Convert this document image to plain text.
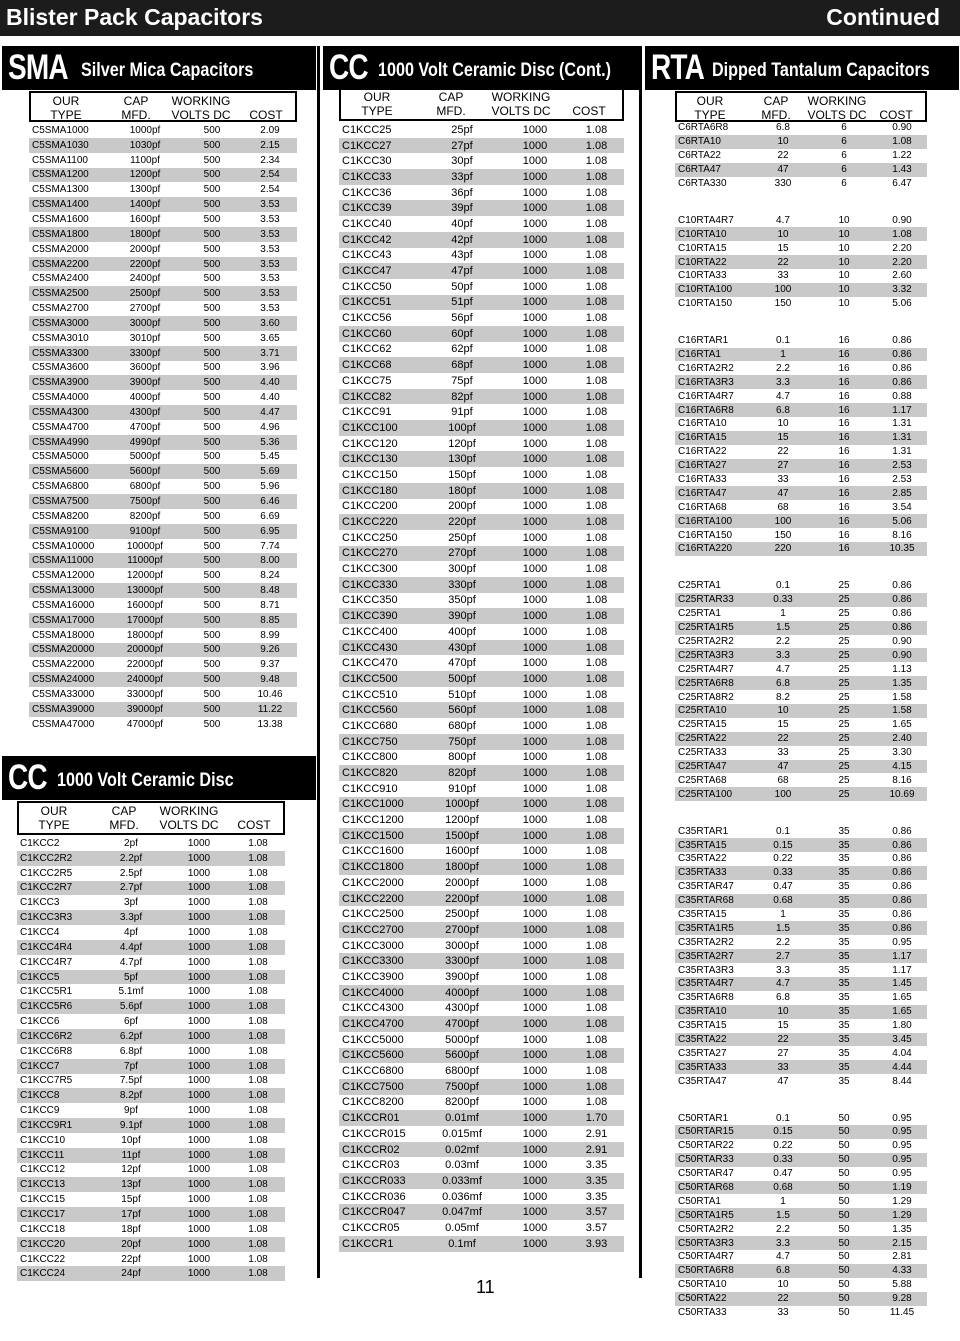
Blister Pack Capacitors	Continued
SMA Silver Mica Capacitors	CC 1000 Volt Ceramic Disc (Cont.)	RTA Dipped Tantalum Capacitors
CC 1000 Volt Ceramic Disc
OUR
TYPE
CAP
MFD.
WORKING
VOLTS DC	COST
OUR
TYPE
CAP
MFD.
WORKING
VOLTS DC	COST
OUR
TYPE
CAP
MFD.
WORKING
VOLTS DC	COST
OUR
TYPE
CAP
MFD.
WORKING
VOLTS DC	COST
C5SMA1000	1000pf	500	2.09
C5SMA1030	1030pf	500	2.15
C5SMA1100	1100pf	500	2.34
C5SMA1200	1200pf	500	2.54
C5SMA1300	1300pf	500	2.54
C5SMA1400	1400pf	500	3.53
C5SMA1600	1600pf	500	3.53
C5SMA1800	1800pf	500	3.53
C5SMA2000	2000pf	500	3.53
C5SMA2200	2200pf	500	3.53
C5SMA2400	2400pf	500	3.53
C5SMA2500	2500pf	500	3.53
C5SMA2700	2700pf	500	3.53
C5SMA3000	3000pf	500	3.60
C5SMA3010	3010pf	500	3.65
C5SMA3300	3300pf	500	3.71
C5SMA3600	3600pf	500	3.96
C5SMA3900	3900pf	500	4.40
C5SMA4000	4000pf	500	4.40
C5SMA4300	4300pf	500	4.47
C5SMA4700	4700pf	500	4.96
C5SMA4990	4990pf	500	5.36
C5SMA5000	5000pf	500	5.45
C5SMA5600	5600pf	500	5.69
C5SMA6800	6800pf	500	5.96
C5SMA7500	7500pf	500	6.46
C5SMA8200	8200pf	500	6.69
C5SMA9100	9100pf	500	6.95
C5SMA10000	10000pf	500	7.74
C5SMA11000	11000pf	500	8.00
C5SMA12000	12000pf	500	8.24
C5SMA13000	13000pf	500	8.48
C5SMA16000	16000pf	500	8.71
C5SMA17000	17000pf	500	8.85
C5SMA18000	18000pf	500	8.99
C5SMA20000	20000pf	500	9.26
C5SMA22000	22000pf	500	9.37
C5SMA24000	24000pf	500	9.48
C5SMA33000	33000pf	500	10.46
C5SMA39000	39000pf	500	11.22
C5SMA47000	47000pf	500	13.38
C1KCC2	2pf	1000	1.08
C1KCC2R2	2.2pf	1000	1.08
C1KCC2R5	2.5pf	1000	1.08
C1KCC2R7	2.7pf	1000	1.08
C1KCC3	3pf	1000	1.08
C1KCC3R3	3.3pf	1000	1.08
C1KCC4	4pf	1000	1.08
C1KCC4R4	4.4pf	1000	1.08
C1KCC4R7	4.7pf	1000	1.08
C1KCC5	5pf	1000	1.08
C1KCC5R1	5.1mf	1000	1.08
C1KCC5R6	5.6pf	1000	1.08
C1KCC6	6pf	1000	1.08
C1KCC6R2	6.2pf	1000	1.08
C1KCC6R8	6.8pf	1000	1.08
C1KCC7	7pf	1000	1.08
C1KCC7R5	7.5pf	1000	1.08
C1KCC8	8.2pf	1000	1.08
C1KCC9	9pf	1000	1.08
C1KCC9R1	9.1pf	1000	1.08
C1KCC10	10pf	1000	1.08
C1KCC11	11pf	1000	1.08
C1KCC12	12pf	1000	1.08
C1KCC13	13pf	1000	1.08
C1KCC15	15pf	1000	1.08
C1KCC17	17pf	1000	1.08
C1KCC18	18pf	1000	1.08
C1KCC20	20pf	1000	1.08
C1KCC22	22pf	1000	1.08
C1KCC24	24pf	1000	1.08
C1KCC25	25pf	1000	1.08
C1KCC27	27pf	1000	1.08
C1KCC30	30pf	1000	1.08
C1KCC33	33pf	1000	1.08
C1KCC36	36pf	1000	1.08
C1KCC39	39pf	1000	1.08
C1KCC40	40pf	1000	1.08
C1KCC42	42pf	1000	1.08
C1KCC43	43pf	1000	1.08
C1KCC47	47pf	1000	1.08
C1KCC50	50pf	1000	1.08
C1KCC51	51pf	1000	1.08
C1KCC56	56pf	1000	1.08
C1KCC60	60pf	1000	1.08
C1KCC62	62pf	1000	1.08
C1KCC68	68pf	1000	1.08
C1KCC75	75pf	1000	1.08
C1KCC82	82pf	1000	1.08
C1KCC91	91pf	1000	1.08
C1KCC100	100pf	1000	1.08
C1KCC120	120pf	1000	1.08
C1KCC130	130pf	1000	1.08
C1KCC150	150pf	1000	1.08
C1KCC180	180pf	1000	1.08
C1KCC200	200pf	1000	1.08
C1KCC220	220pf	1000	1.08
C1KCC250	250pf	1000	1.08
C1KCC270	270pf	1000	1.08
C1KCC300	300pf	1000	1.08
C1KCC330	330pf	1000	1.08
C1KCC350	350pf	1000	1.08
C1KCC390	390pf	1000	1.08
C1KCC400	400pf	1000	1.08
C1KCC430	430pf	1000	1.08
C1KCC470	470pf	1000	1.08
C1KCC500	500pf	1000	1.08
C1KCC510	510pf	1000	1.08
C1KCC560	560pf	1000	1.08
C1KCC680	680pf	1000	1.08
C1KCC750	750pf	1000	1.08
C1KCC800	800pf	1000	1.08
C1KCC820	820pf	1000	1.08
C1KCC910	910pf	1000	1.08
C1KCC1000	1000pf	1000	1.08
C1KCC1200	1200pf	1000	1.08
C1KCC1500	1500pf	1000	1.08
C1KCC1600	1600pf	1000	1.08
C1KCC1800	1800pf	1000	1.08
C1KCC2000	2000pf	1000	1.08
C1KCC2200	2200pf	1000	1.08
C1KCC2500	2500pf	1000	1.08
C1KCC2700	2700pf	1000	1.08
C1KCC3000	3000pf	1000	1.08
C1KCC3300	3300pf	1000	1.08
C1KCC3900	3900pf	1000	1.08
C1KCC4000	4000pf	1000	1.08
C1KCC4300	4300pf	1000	1.08
C1KCC4700	4700pf	1000	1.08
C1KCC5000	5000pf	1000	1.08
C1KCC5600	5600pf	1000	1.08
C1KCC6800	6800pf	1000	1.08
C1KCC7500	7500pf	1000	1.08
C1KCC8200	8200pf	1000	1.08
C1KCCR01	0.01mf	1000	1.70
C1KCCR015	0.015mf	1000	2.91
C1KCCR02	0.02mf	1000	2.91
C1KCCR03	0.03mf	1000	3.35
C1KCCR033	0.033mf	1000	3.35
C1KCCR036	0.036mf	1000	3.35
C1KCCR047	0.047mf	1000	3.57
C1KCCR05	0.05mf	1000	3.57
C1KCCR1	0.1mf	1000	3.93
C6RTA6R8	6.8	6	0.90
C6RTA10	10	6	1.08
C6RTA22	22	6	1.22
C6RTA47	47	6	1.43
C6RTA330	330	6	6.47

C10RTA4R7	4.7	10	0.90
C10RTA10	10	10	1.08
C10RTA15	15	10	2.20
C10RTA22	22	10	2.20
C10RTA33	33	10	2.60
C10RTA100	100	10	3.32
C10RTA150	150	10	5.06

C16RTAR1	0.1	16	0.86
C16RTA1	1	16	0.86
C16RTA2R2	2.2	16	0.86
C16RTA3R3	3.3	16	0.86
C16RTA4R7	4.7	16	0.88
C16RTA6R8	6.8	16	1.17
C16RTA10	10	16	1.31
C16RTA15	15	16	1.31
C16RTA22	22	16	1.31
C16RTA27	27	16	2.53
C16RTA33	33	16	2.53
C16RTA47	47	16	2.85
C16RTA68	68	16	3.54
C16RTA100	100	16	5.06
C16RTA150	150	16	8.16
C16RTA220	220	16	10.35

C25RTA1	0.1	25	0.86
C25RTAR33	0.33	25	0.86
C25RTA1	1	25	0.86
C25RTA1R5	1.5	25	0.86
C25RTA2R2	2.2	25	0.90
C25RTA3R3	3.3	25	0.90
C25RTA4R7	4.7	25	1.13
C25RTA6R8	6.8	25	1.35
C25RTA8R2	8.2	25	1.58
C25RTA10	10	25	1.58
C25RTA15	15	25	1.65
C25RTA22	22	25	2.40
C25RTA33	33	25	3.30
C25RTA47	47	25	4.15
C25RTA68	68	25	8.16
C25RTA100	100	25	10.69

C35RTAR1	0.1	35	0.86
C35RTA15	0.15	35	0.86
C35RTA22	0.22	35	0.86
C35RTA33	0.33	35	0.86
C35RTAR47	0.47	35	0.86
C35RTAR68	0.68	35	0.86
C35RTA15	1	35	0.86
C35RTA1R5	1.5	35	0.86
C35RTA2R2	2.2	35	0.95
C35RTA2R7	2.7	35	1.17
C35RTA3R3	3.3	35	1.17
C35RTA4R7	4.7	35	1.45
C35RTA6R8	6.8	35	1.65
C35RTA10	10	35	1.65
C35RTA15	15	35	1.80
C35RTA22	22	35	3.45
C35RTA27	27	35	4.04
C35RTA33	33	35	4.44
C35RTA47	47	35	8.44

C50RTAR1	0.1	50	0.95
C50RTAR15	0.15	50	0.95
C50RTAR22	0.22	50	0.95
C50RTAR33	0.33	50	0.95
C50RTAR47	0.47	50	0.95
C50RTAR68	0.68	50	1.19
C50RTA1	1	50	1.29
C50RTA1R5	1.5	50	1.29
C50RTA2R2	2.2	50	1.35
C50RTA3R3	3.3	50	2.15
C50RTA4R7	4.7	50	2.81
C50RTA6R8	6.8	50	4.33
C50RTA10	10	50	5.88
C50RTA22	22	50	9.28
C50RTA33	33	50	11.45
11
